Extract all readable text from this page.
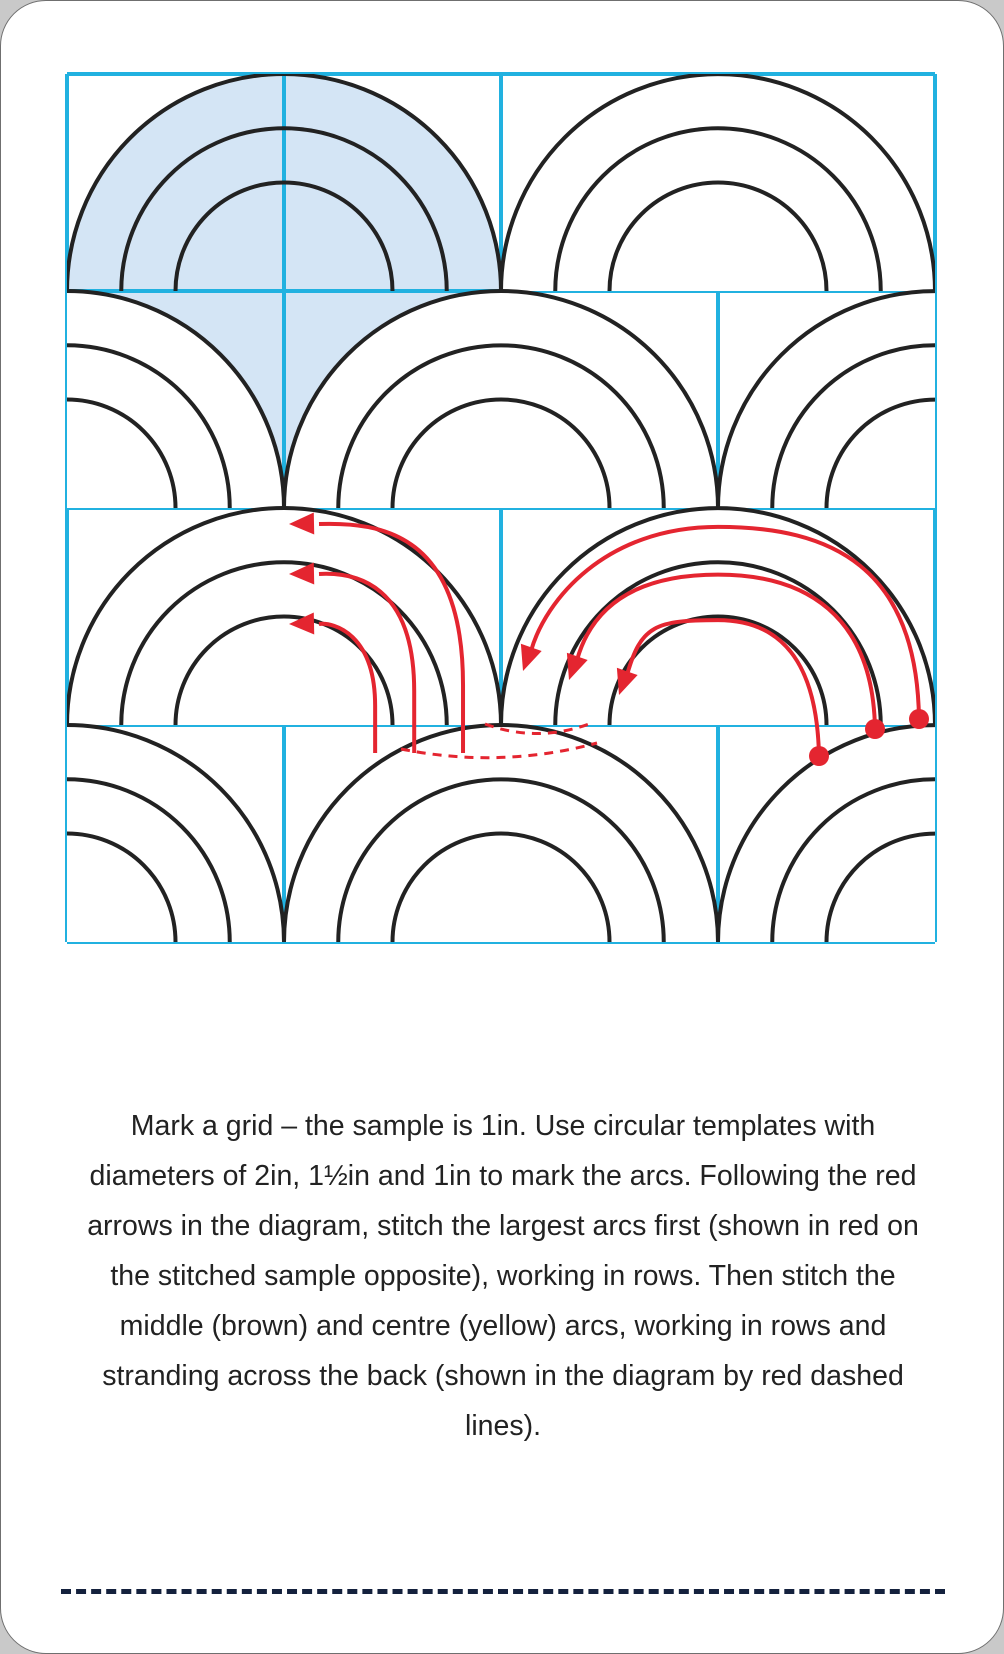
Mark a grid – the sample is 1in. Use circular templates with diameters of 2in, 1½in and 1in to mark the arcs. Following the red arrows in the diagram, stitch the largest arcs first (shown in red on the stitched sample opposite), working in rows. Then stitch the middle (brown) and centre (yellow) arcs, working in rows and stranding across the back (shown in the diagram by red dashed lines).
